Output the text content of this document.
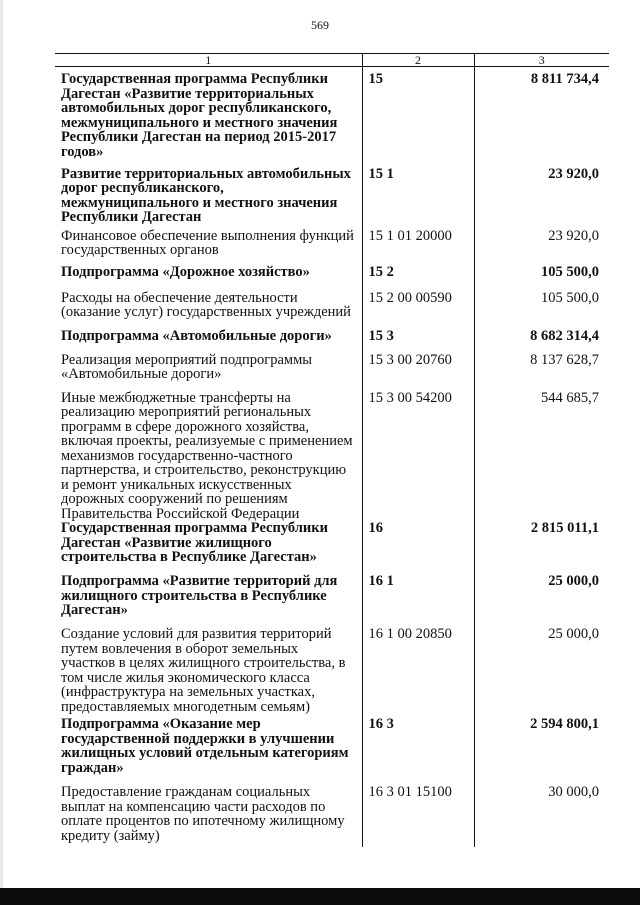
569
1	2	3
Государственная программа Республики Дагестан «Развитие территориальных автомобильных дорог республиканского, межмуниципального и местного значения Республики Дагестан на период 2015-2017 годов»	15	8 811 734,4
Развитие территориальных автомобильных дорог республиканского, межмуниципального и местного значения Республики Дагестан	15 1	23 920,0
Финансовое обеспечение выполнения функций государственных органов	15 1 01 20000	23 920,0
Подпрограмма «Дорожное хозяйство»	15 2	105 500,0
Расходы на обеспечение деятельности (оказание услуг) государственных учреждений	15 2 00 00590	105 500,0
Подпрограмма «Автомобильные дороги»	15 3	8 682 314,4
Реализация мероприятий подпрограммы «Автомобильные дороги»	15 3 00 20760	8 137 628,7
Иные межбюджетные трансферты на реализацию мероприятий региональных программ в сфере дорожного хозяйства, включая проекты, реализуемые с применением механизмов государственно-частного партнерства, и строительство, реконструкцию и ремонт уникальных искусственных дорожных сооружений по решениям Правительства Российской Федерации	15 3 00 54200	544 685,7
Государственная программа Республики Дагестан «Развитие жилищного строительства в Республике Дагестан»	16	2 815 011,1
Подпрограмма «Развитие территорий для жилищного строительства в Республике Дагестан»	16 1	25 000,0
Создание условий для развития территорий путем вовлечения в оборот земельных участков в целях жилищного строительства, в том числе жилья экономического класса (инфраструктура на земельных участках, предоставляемых многодетным семьям)	16 1 00 20850	25 000,0
Подпрограмма «Оказание мер государственной поддержки в улучшении жилищных условий отдельным категориям граждан»	16 3	2 594 800,1
Предоставление гражданам социальных выплат на компенсацию части расходов по оплате процентов по ипотечному жилищному кредиту (займу)	16 3 01 15100	30 000,0
